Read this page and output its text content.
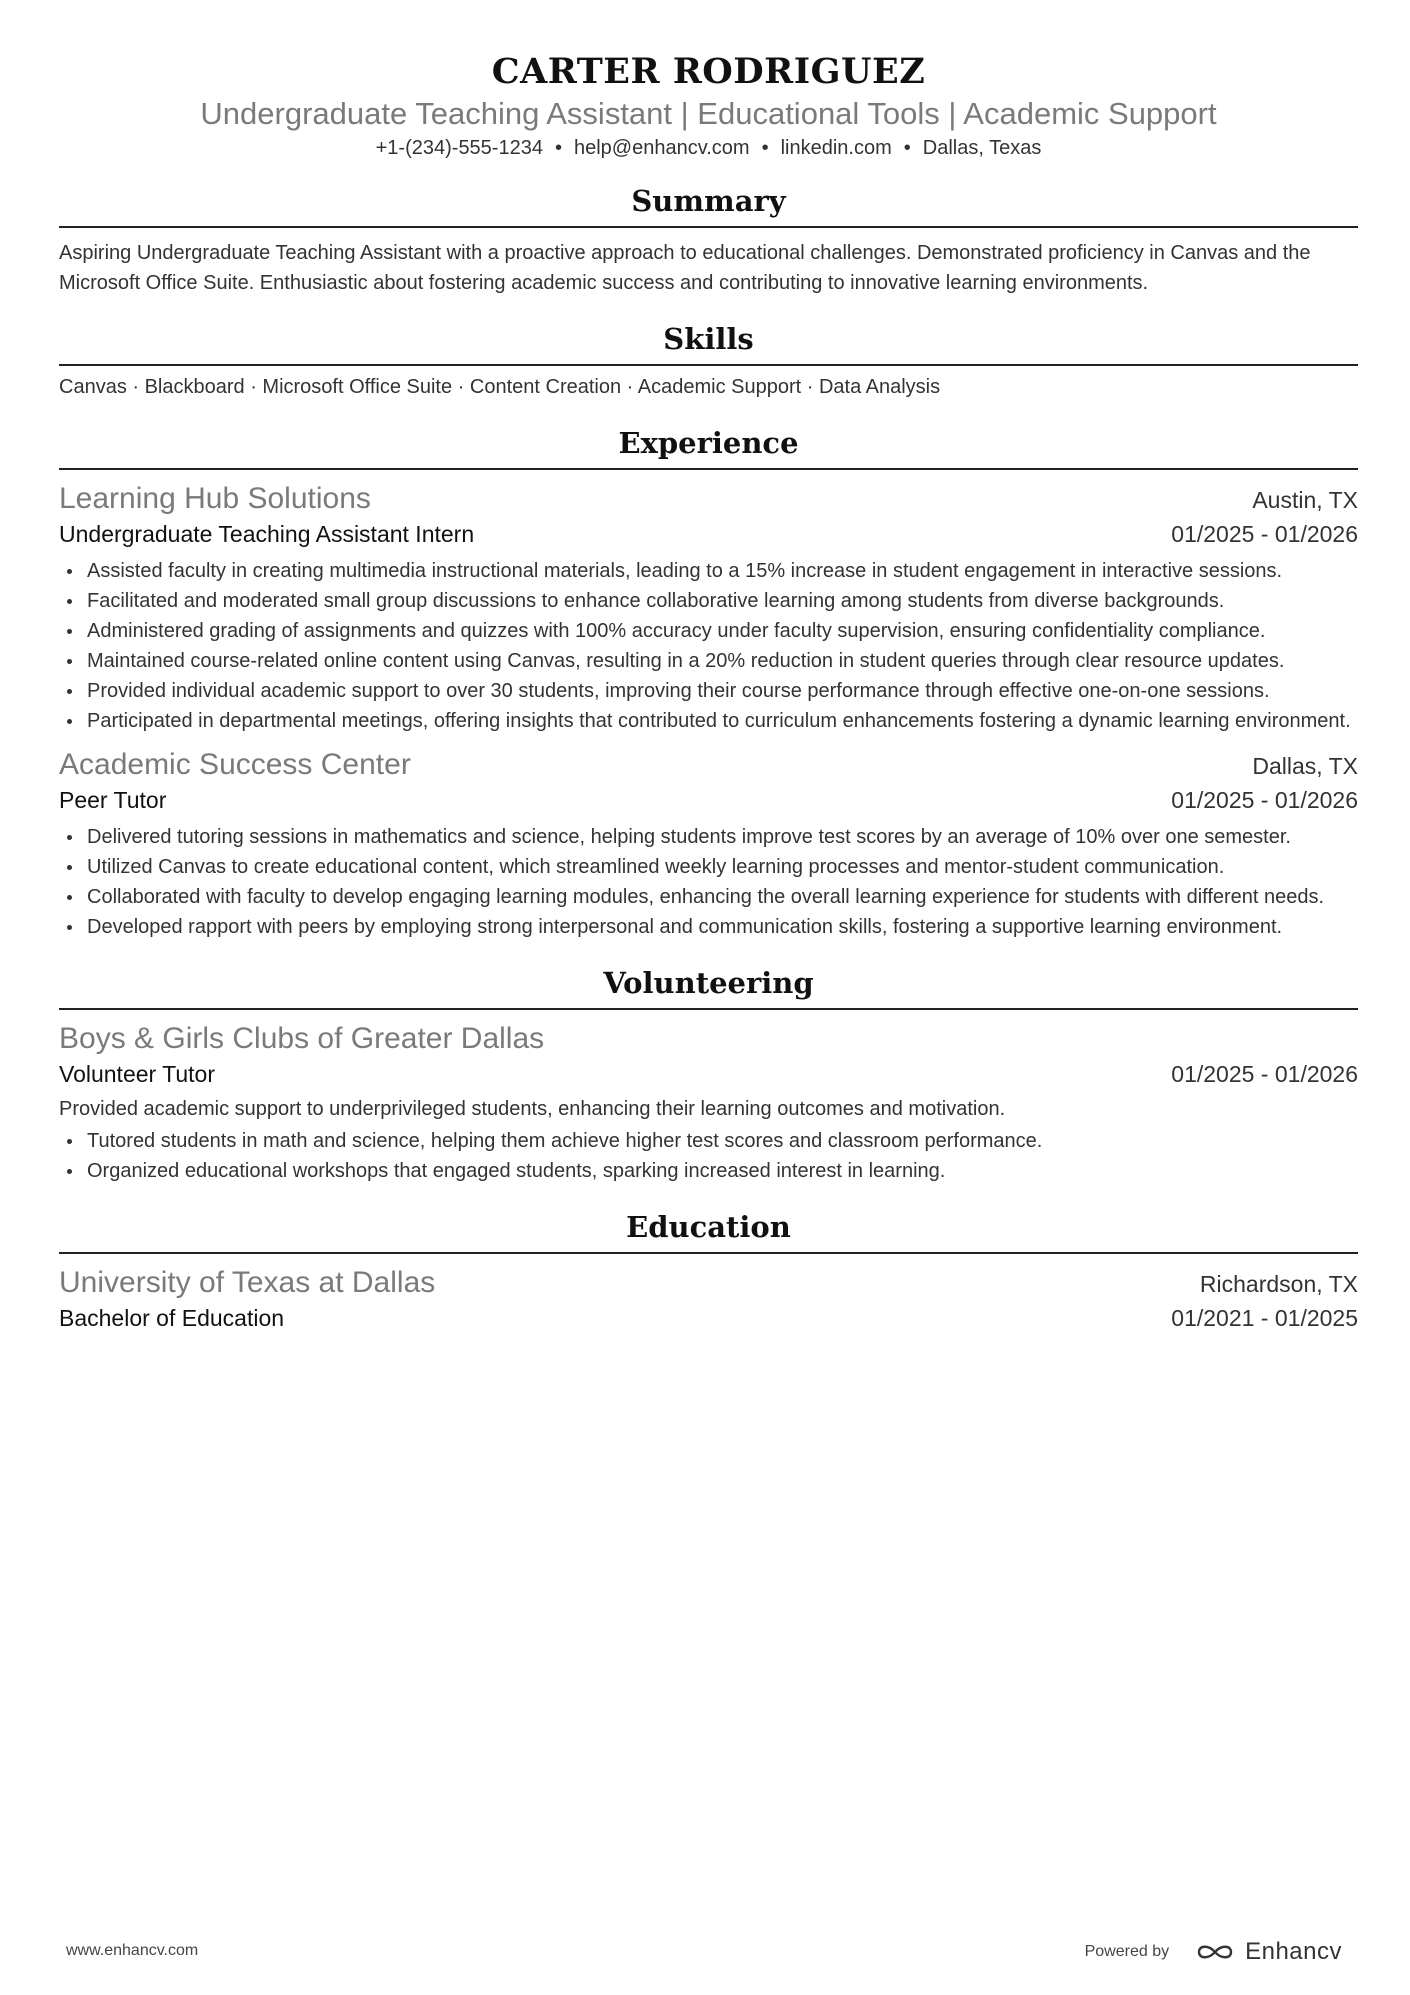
CARTER RODRIGUEZ
Undergraduate Teaching Assistant | Educational Tools | Academic Support
+1-(234)-555-1234 • help@enhancv.com • linkedin.com • Dallas, Texas
Summary

Aspiring Undergraduate Teaching Assistant with a proactive approach to educational challenges. Demonstrated proficiency in Canvas and the Microsoft Office Suite. Enthusiastic about fostering academic success and contributing to innovative learning environments.

Skills

Canvas · Blackboard · Microsoft Office Suite · Content Creation · Academic Support · Data Analysis

Experience
Learning Hub Solutions	Austin, TX
Undergraduate Teaching Assistant Intern	01/2025 - 01/2026
Assisted faculty in creating multimedia instructional materials, leading to a 15% increase in student engagement in interactive sessions.
Facilitated and moderated small group discussions to enhance collaborative learning among students from diverse backgrounds.
Administered grading of assignments and quizzes with 100% accuracy under faculty supervision, ensuring confidentiality compliance.
Maintained course-related online content using Canvas, resulting in a 20% reduction in student queries through clear resource updates.
Provided individual academic support to over 30 students, improving their course performance through effective one-on-one sessions.
Participated in departmental meetings, offering insights that contributed to curriculum enhancements fostering a dynamic learning environment.
Academic Success Center	Dallas, TX
Peer Tutor	01/2025 - 01/2026
Delivered tutoring sessions in mathematics and science, helping students improve test scores by an average of 10% over one semester.
Utilized Canvas to create educational content, which streamlined weekly learning processes and mentor-student communication.
Collaborated with faculty to develop engaging learning modules, enhancing the overall learning experience for students with different needs.
Developed rapport with peers by employing strong interpersonal and communication skills, fostering a supportive learning environment.
Volunteering
Boys & Girls Clubs of Greater Dallas
Volunteer Tutor	01/2025 - 01/2026

Provided academic support to underprivileged students, enhancing their learning outcomes and motivation.

Tutored students in math and science, helping them achieve higher test scores and classroom performance.
Organized educational workshops that engaged students, sparking increased interest in learning.
Education
University of Texas at Dallas	Richardson, TX
Bachelor of Education	01/2021 - 01/2025
www.enhancv.com	Powered by	Enhancv
